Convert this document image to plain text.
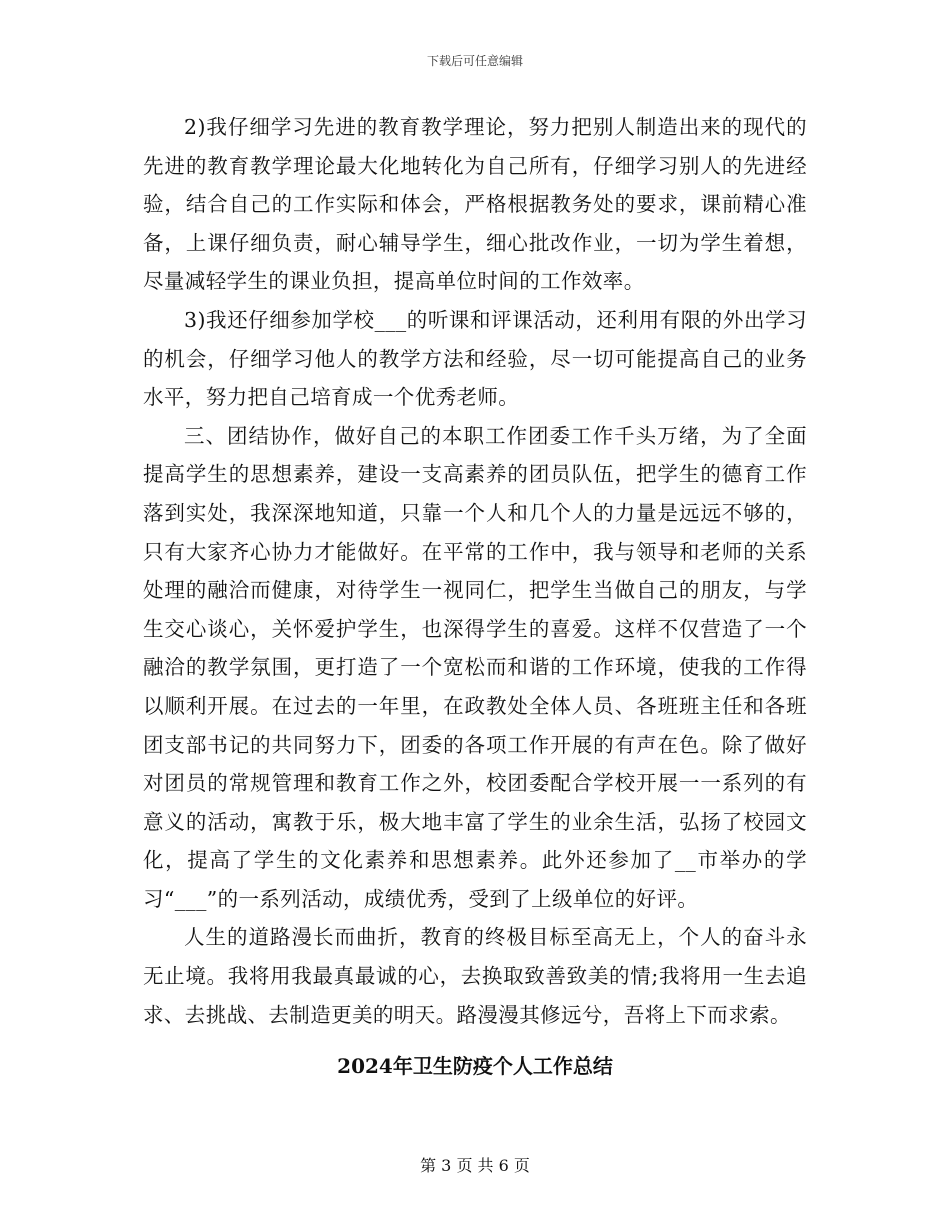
下载后可任意编辑

2)我仔细学习先进的教育教学理论，努力把别人制造出来的现代的先进的教育教学理论最大化地转化为自己所有，仔细学习别人的先进经验，结合自己的工作实际和体会，严格根据教务处的要求，课前精心准备，上课仔细负责，耐心辅导学生，细心批改作业，一切为学生着想，尽量减轻学生的课业负担，提高单位时间的工作效率。

3)我还仔细参加学校___的听课和评课活动，还利用有限的外出学习的机会，仔细学习他人的教学方法和经验，尽一切可能提高自己的业务水平，努力把自己培育成一个优秀老师。

三、团结协作，做好自己的本职工作团委工作千头万绪，为了全面提高学生的思想素养，建设一支高素养的团员队伍，把学生的德育工作落到实处，我深深地知道，只靠一个人和几个人的力量是远远不够的，只有大家齐心协力才能做好。在平常的工作中，我与领导和老师的关系处理的融洽而健康，对待学生一视同仁，把学生当做自己的朋友，与学生交心谈心，关怀爱护学生，也深得学生的喜爱。这样不仅营造了一个融洽的教学氛围，更打造了一个宽松而和谐的工作环境，使我的工作得以顺利开展。在过去的一年里，在政教处全体人员、各班班主任和各班团支部书记的共同努力下，团委的各项工作开展的有声在色。除了做好对团员的常规管理和教育工作之外，校团委配合学校开展一一系列的有意义的活动，寓教于乐，极大地丰富了学生的业余生活，弘扬了校园文化，提高了学生的文化素养和思想素养。此外还参加了__市举办的学习“___”的一系列活动，成绩优秀，受到了上级单位的好评。

人生的道路漫长而曲折，教育的终极目标至高无上，个人的奋斗永无止境。我将用我最真最诚的心，去换取致善致美的情;我将用一生去追求、去挑战、去制造更美的明天。路漫漫其修远兮，吾将上下而求索。

2024年卫生防疫个人工作总结
第 3 页 共 6 页
